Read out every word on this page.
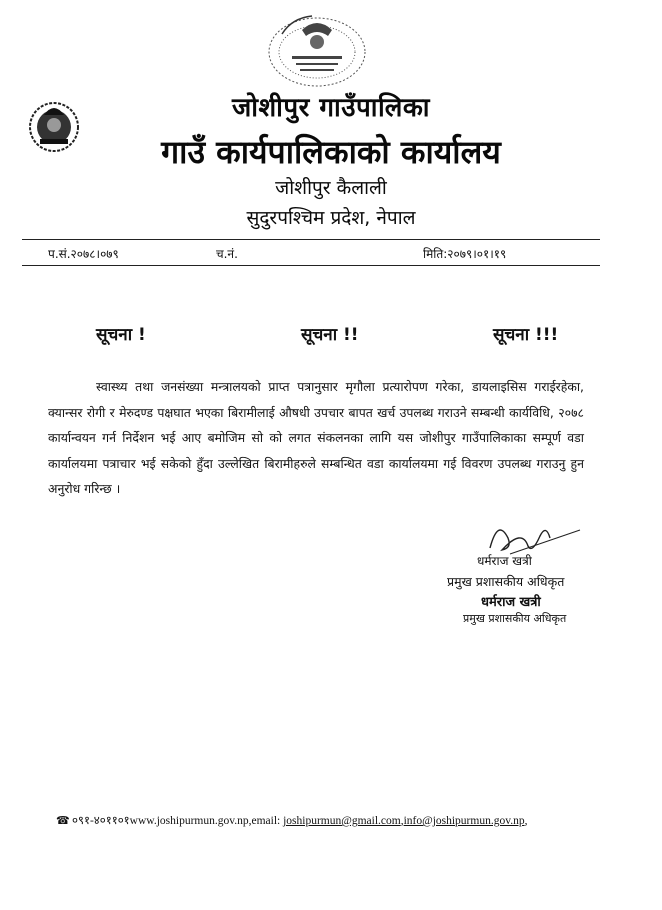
जोशीपुर गाउँपालिका
गाउँ कार्यपालिकाको कार्यालय
जोशीपुर कैलाली
सुदुरपश्चिम प्रदेश, नेपाल
प.सं.२०७८।०७९	च.नं.	मिति:२०७९।०१।१९
सूचना !	सूचना !!	सूचना !!!
स्वास्थ्य तथा जनसंख्या मन्त्रालयको प्राप्त पत्रानुसार मृगौला प्रत्यारोपण गरेका, डायलाइसिस गराईरहेका, क्यान्सर रोगी र मेरुदण्ड पक्षघात भएका बिरामीलाई औषधी उपचार बापत खर्च उपलब्ध गराउने सम्बन्धी कार्यविधि, २०७८ कार्यान्वयन गर्न निर्देशन भई आए बमोजिम सो को लगत संकलनका लागि यस जोशीपुर गाउँपालिकाका सम्पूर्ण वडा कार्यालयमा पत्राचार भई सकेको हुँदा उल्लेखित बिरामीहरुले सम्बन्धित वडा कार्यालयमा गई विवरण उपलब्ध गराउनु हुन अनुरोध गरिन्छ ।
धर्मराज खत्री
प्रमुख प्रशासकीय अधिकृत
धर्मराज खत्री
प्रमुख प्रशासकीय अधिकृत
☎ ०९१-४०११०१www.joshipurmun.gov.np,email: joshipurmun@gmail.com,info@joshipurmun.gov.np,
